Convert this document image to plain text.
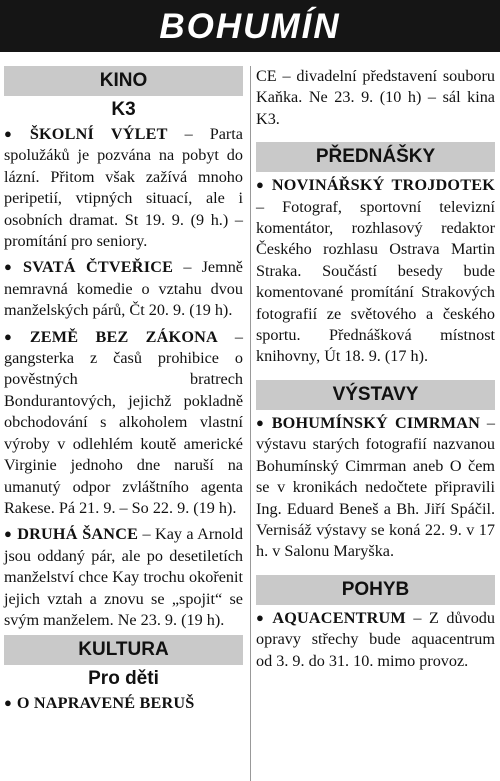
BOHUMÍN
KINO
K3

● ŠKOLNÍ VÝLET – Parta spolužáků je pozvána na pobyt do lázní. Přitom však zažívá mnoho peripetií, vtipných situací, ale i osobních dramat. St 19. 9. (9 h.) – promítání pro seniory.

● SVATÁ ČTVEŘICE – Jemně nemravná komedie o vztahu dvou manželských párů, Čt 20. 9. (19 h).

● ZEMĚ BEZ ZÁKONA – gangsterka z časů prohibice o pověstných bratrech Bondurantových, jejichž pokladně obchodování s alkoholem vlastní výroby v odlehlém koutě americké Virginie jednoho dne naruší na umanutý odpor zvláštního agenta Rakese. Pá 21. 9. – So 22. 9. (19 h).

● DRUHÁ ŠANCE – Kay a Arnold jsou oddaný pár, ale po desetiletích manželství chce Kay trochu okořenit jejich vztah a znovu se „spojit“ se svým manželem. Ne 23. 9. (19 h).

KULTURA
Pro děti

● O NAPRAVENÉ BERUŠ

CE – divadelní představení souboru Kaňka. Ne 23. 9. (10 h) – sál kina K3.

PŘEDNÁŠKY

● NOVINÁŘSKÝ TROJDOTEK – Fotograf, sportovní televizní komentátor, rozhlasový redaktor Českého rozhlasu Ostrava Martin Straka. Součástí besedy bude komentované promítání Strakových fotografií ze světového a českého sportu. Přednášková místnost knihovny, Út 18. 9. (17 h).

VÝSTAVY

● BOHUMÍNSKÝ CIMRMAN – výstavu starých fotografií nazvanou Bohumínský Cimrman aneb O čem se v kronikách nedočtete připravili Ing. Eduard Beneš a Bh. Jiří Spáčil. Vernisáž výstavy se koná 22. 9. v 17 h. v Salonu Maryška.

POHYB

● AQUACENTRUM – Z důvodu opravy střechy bude aquacentrum od 3. 9. do 31. 10. mimo provoz.
